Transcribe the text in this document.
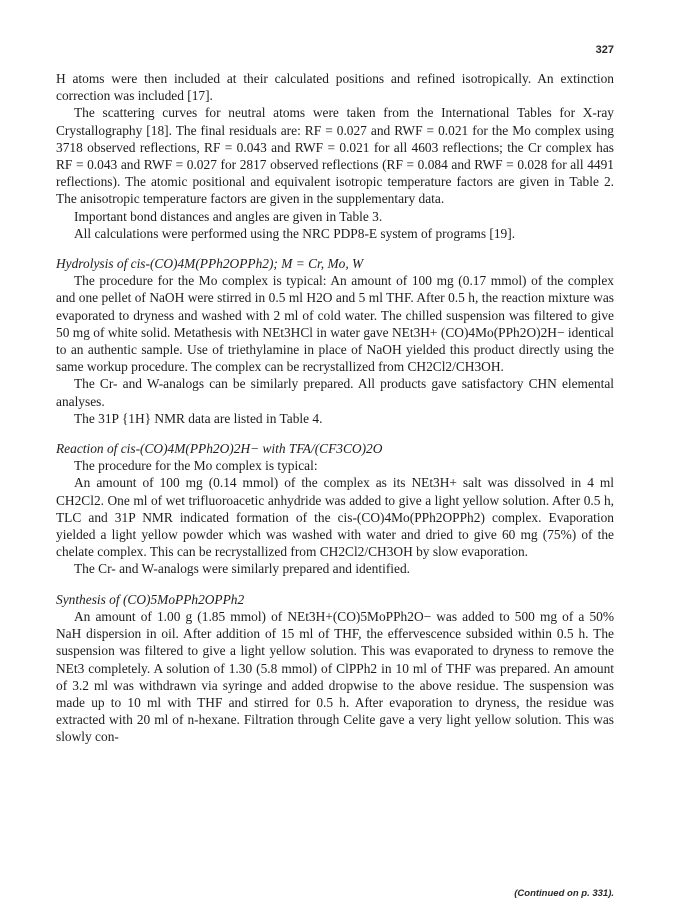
327

H atoms were then included at their calculated positions and refined isotropically. An extinction correction was included [17].

The scattering curves for neutral atoms were taken from the International Tables for X-ray Crystallography [18]. The final residuals are: RF = 0.027 and RWF = 0.021 for the Mo complex using 3718 observed reflections, RF = 0.043 and RWF = 0.021 for all 4603 reflections; the Cr complex has RF = 0.043 and RWF = 0.027 for 2817 observed reflections (RF = 0.084 and RWF = 0.028 for all 4491 reflections). The atomic positional and equivalent isotropic temperature factors are given in Table 2. The anisotropic temperature factors are given in the supplementary data.

Important bond distances and angles are given in Table 3.

All calculations were performed using the NRC PDP8-E system of programs [19].

Hydrolysis of cis-(CO)4M(PPh2OPPh2); M = Cr, Mo, W

The procedure for the Mo complex is typical: An amount of 100 mg (0.17 mmol) of the complex and one pellet of NaOH were stirred in 0.5 ml H2O and 5 ml THF. After 0.5 h, the reaction mixture was evaporated to dryness and washed with 2 ml of cold water. The chilled suspension was filtered to give 50 mg of white solid. Metathesis with NEt3HCl in water gave NEt3H+ (CO)4Mo(PPh2O)2H− identical to an authentic sample. Use of triethylamine in place of NaOH yielded this product directly using the same workup procedure. The complex can be recrystallized from CH2Cl2/CH3OH.

The Cr- and W-analogs can be similarly prepared. All products gave satisfactory CHN elemental analyses.

The 31P {1H} NMR data are listed in Table 4.

Reaction of cis-(CO)4M(PPh2O)2H− with TFA/(CF3CO)2O

The procedure for the Mo complex is typical:

An amount of 100 mg (0.14 mmol) of the complex as its NEt3H+ salt was dissolved in 4 ml CH2Cl2. One ml of wet trifluoroacetic anhydride was added to give a light yellow solution. After 0.5 h, TLC and 31P NMR indicated formation of the cis-(CO)4Mo(PPh2OPPh2) complex. Evaporation yielded a light yellow powder which was washed with water and dried to give 60 mg (75%) of the chelate complex. This can be recrystallized from CH2Cl2/CH3OH by slow evaporation.

The Cr- and W-analogs were similarly prepared and identified.

Synthesis of (CO)5MoPPh2OPPh2

An amount of 1.00 g (1.85 mmol) of NEt3H+(CO)5MoPPh2O− was added to 500 mg of a 50% NaH dispersion in oil. After addition of 15 ml of THF, the effervescence subsided within 0.5 h. The suspension was filtered to give a light yellow solution. This was evaporated to dryness to remove the NEt3 completely. A solution of 1.30 (5.8 mmol) of ClPPh2 in 10 ml of THF was prepared. An amount of 3.2 ml was withdrawn via syringe and added dropwise to the above residue. The suspension was made up to 10 ml with THF and stirred for 0.5 h. After evaporation to dryness, the residue was extracted with 20 ml of n-hexane. Filtration through Celite gave a very light yellow solution. This was slowly con-

(Continued on p. 331).
